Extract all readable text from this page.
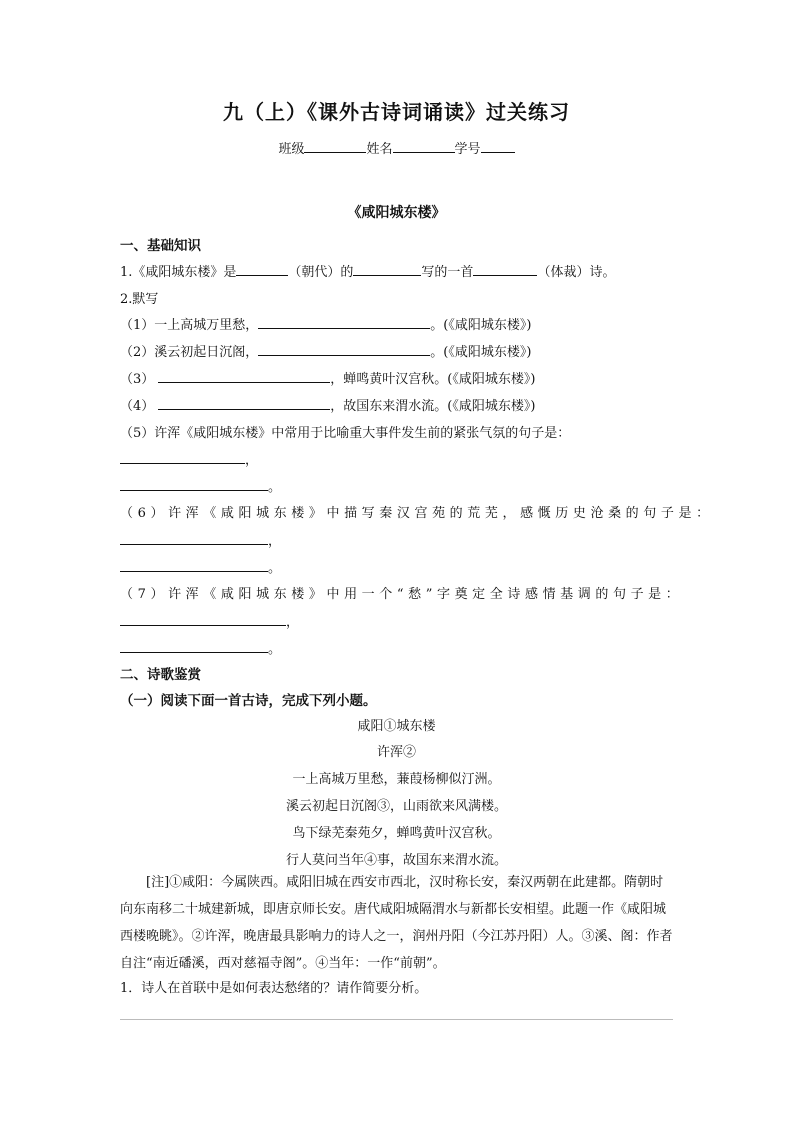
九（上）《课外古诗词诵读》过关练习
班级	姓名	学号
《咸阳城东楼》
一、基础知识
1.《咸阳城东楼》是	（朝代）的	写的一首	（体裁）诗。
2.默写
（1）一上高城万里愁，	。(《咸阳城东楼》)
（2）溪云初起日沉阁，	。(《咸阳城东楼》)
（3）	，蝉鸣黄叶汉宫秋。(《咸阳城东楼》)
（4）	，故国东来渭水流。(《咸阳城东楼》)
（5）许浑《咸阳城东楼》中常用于比喻重大事件发生前的紧张气氛的句子是：
，
。
（6）许浑《咸阳城东楼》中描写秦汉宫苑的荒芜，感慨历史沧桑的句子是：
，
。
（7）许浑《咸阳城东楼》中用一个“愁”字奠定全诗感情基调的句子是：
，
。
二、诗歌鉴赏
（一）阅读下面一首古诗，完成下列小题。
咸阳①城东楼
许浑②
一上高城万里愁，蒹葭杨柳似汀洲。
溪云初起日沉阁③，山雨欲来风满楼。
鸟下绿芜秦苑夕，蝉鸣黄叶汉宫秋。
行人莫问当年④事，故国东来渭水流。
[注]①咸阳：今属陕西。咸阳旧城在西安市西北，汉时称长安，秦汉两朝在此建都。隋朝时向东南移二十城建新城，即唐京师长安。唐代咸阳城隔渭水与新都长安相望。此题一作《咸阳城西楼晚眺》。②许浑，晚唐最具影响力的诗人之一，润州丹阳（今江苏丹阳）人。③溪、阁：作者自注“南近磻溪，西对慈福寺阁”。④当年：一作“前朝”。
1．诗人在首联中是如何表达愁绪的？请作简要分析。
